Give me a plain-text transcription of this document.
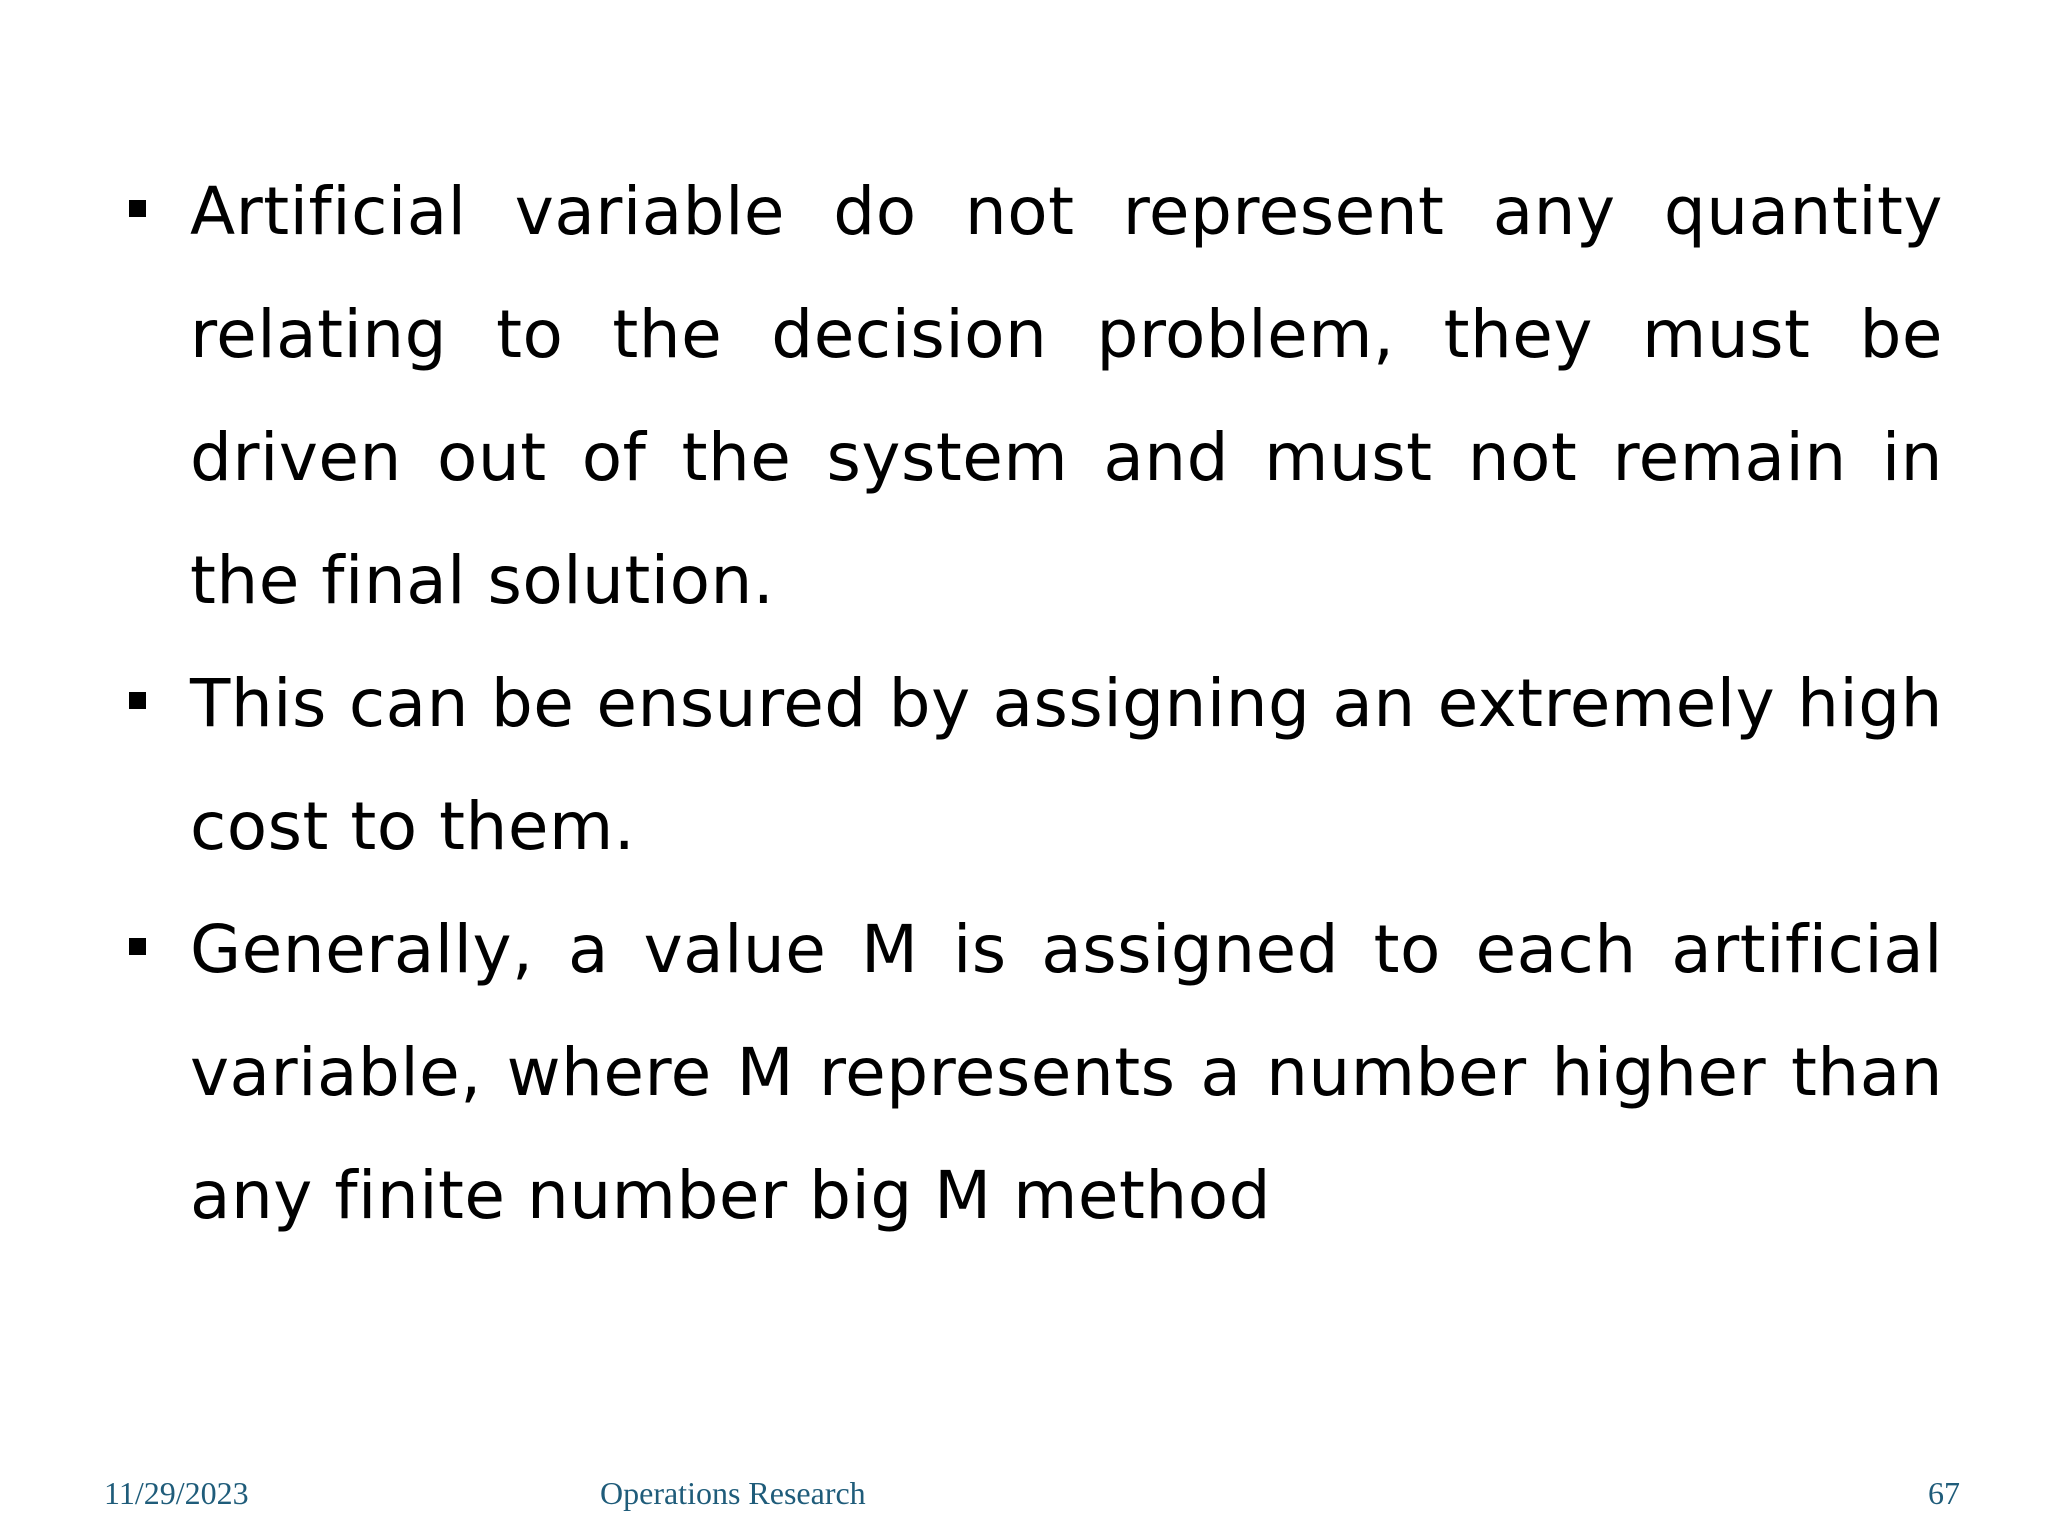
Artificial variable do not represent any quantity relating to the decision problem, they must be driven out of the system and must not remain in the final solution.
This can be ensured by assigning an extremely high cost to them.
Generally, a value M is assigned to each artificial variable, where M represents a number higher than any finite number big M method
11/29/2023	Operations Research	67
